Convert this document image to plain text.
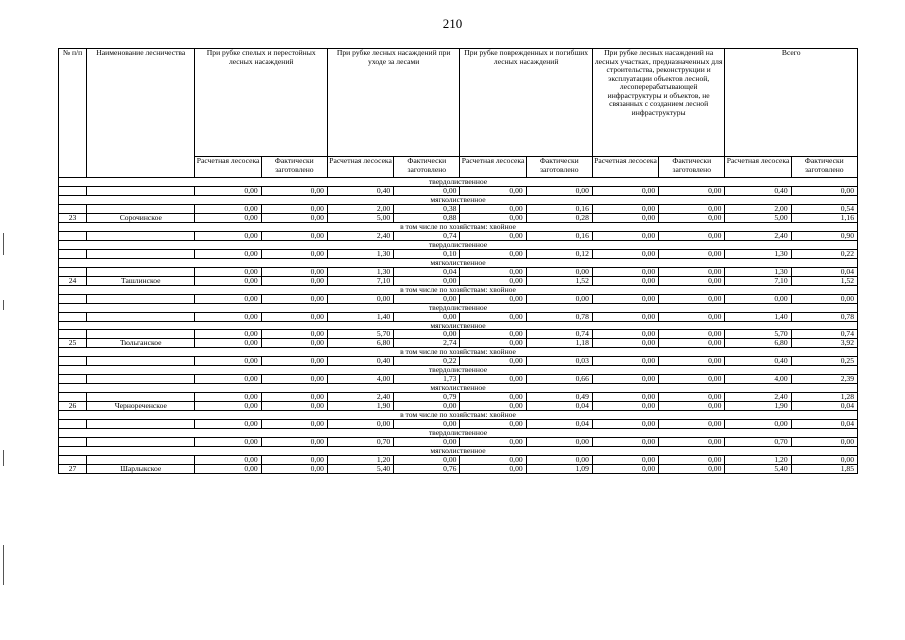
210
№ п/п	Наименование лесничества	При рубке спелых и перестойных лесных насаждений		При рубке лесных насаждений при уходе за лесами		При рубке поврежденных и погибших лесных насаждений		При рубке лесных насаждений на лесных участках, предназначенных для строительства, реконструкции и эксплуатации объектов лесной, лесоперерабатывающей инфраструктуры и объектов, не связанных с созданием лесной инфраструктуры		Всего	
		Расчетная лесосека	Фактически заготовлено	Расчетная лесосека	Фактически заготовлено	Расчетная лесосека	Фактически заготовлено	Расчетная лесосека	Фактически заготовлено	Расчетная лесосека	Фактически заготовлено
твердолиственное											
		0,00	0,00	0,40	0,00	0,00	0,00	0,00	0,00	0,40	0,00
мягколиственное											
		0,00	0,00	2,00	0,38	0,00	0,16	0,00	0,00	2,00	0,54
23	Сорочинское	0,00	0,00	5,00	0,88	0,00	0,28	0,00	0,00	5,00	1,16
в том числе по хозяйствам: хвойное											
		0,00	0,00	2,40	0,74	0,00	0,16	0,00	0,00	2,40	0,90
твердолиственное											
		0,00	0,00	1,30	0,10	0,00	0,12	0,00	0,00	1,30	0,22
мягколиственное											
		0,00	0,00	1,30	0,04	0,00	0,00	0,00	0,00	1,30	0,04
24	Ташлинское	0,00	0,00	7,10	0,00	0,00	1,52	0,00	0,00	7,10	1,52
в том числе по хозяйствам: хвойное											
		0,00	0,00	0,00	0,00	0,00	0,00	0,00	0,00	0,00	0,00
твердолиственное											
		0,00	0,00	1,40	0,00	0,00	0,78	0,00	0,00	1,40	0,78
мягколиственное											
		0,00	0,00	5,70	0,00	0,00	0,74	0,00	0,00	5,70	0,74
25	Тюльганское	0,00	0,00	6,80	2,74	0,00	1,18	0,00	0,00	6,80	3,92
в том числе по хозяйствам: хвойное											
		0,00	0,00	0,40	0,22	0,00	0,03	0,00	0,00	0,40	0,25
твердолиственное											
		0,00	0,00	4,00	1,73	0,00	0,66	0,00	0,00	4,00	2,39
мягколиственное											
		0,00	0,00	2,40	0,79	0,00	0,49	0,00	0,00	2,40	1,28
26	Чернореченское	0,00	0,00	1,90	0,00	0,00	0,04	0,00	0,00	1,90	0,04
в том числе по хозяйствам: хвойное											
		0,00	0,00	0,00	0,00	0,00	0,04	0,00	0,00	0,00	0,04
твердолиственное											
		0,00	0,00	0,70	0,00	0,00	0,00	0,00	0,00	0,70	0,00
мягколиственное											
		0,00	0,00	1,20	0,00	0,00	0,00	0,00	0,00	1,20	0,00
27	Шарлыкское	0,00	0,00	5,40	0,76	0,00	1,09	0,00	0,00	5,40	1,85
